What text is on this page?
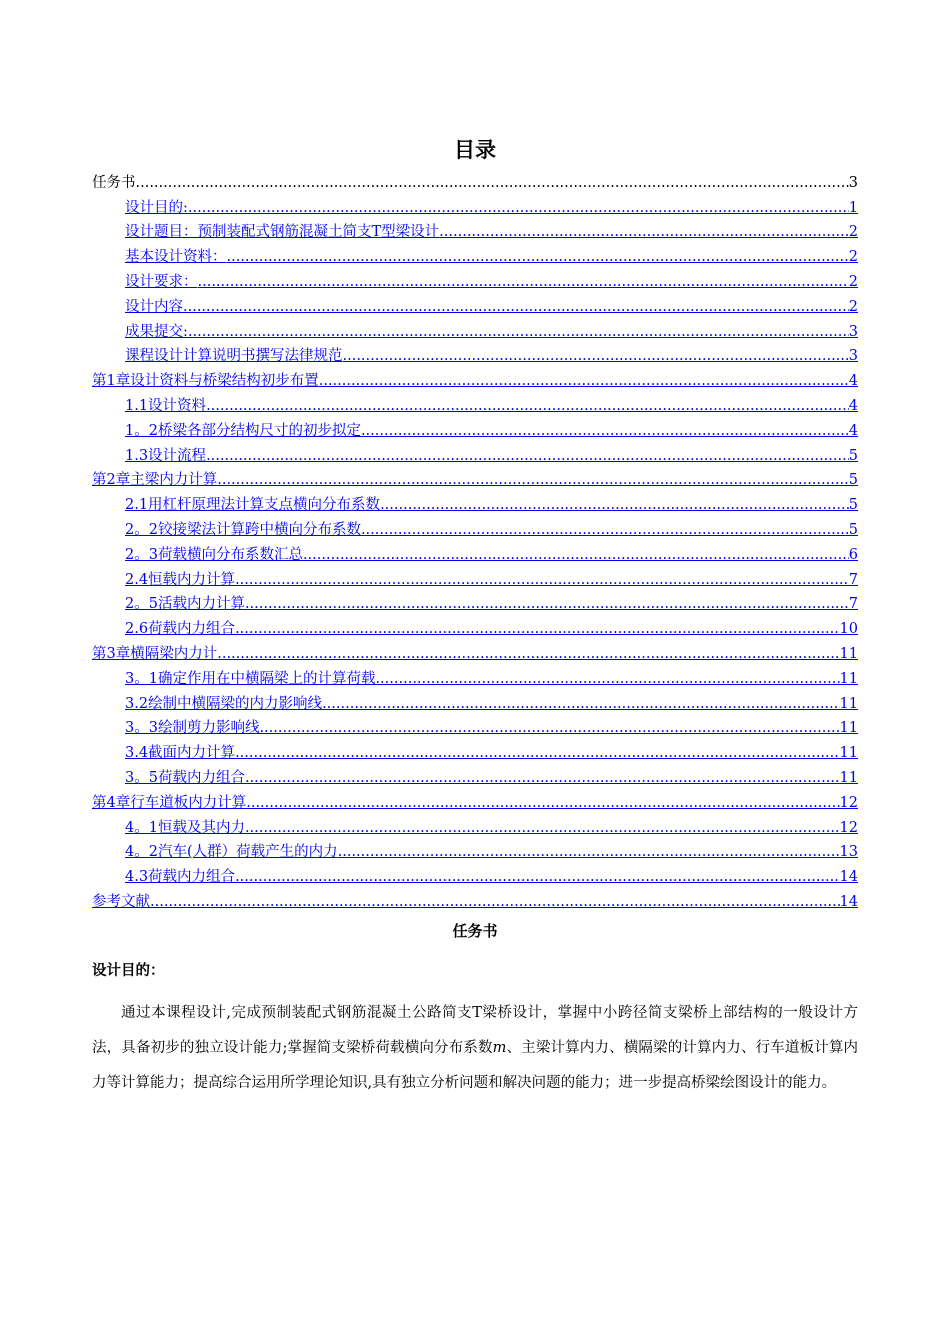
目录
任务书 .....	3
设计目的: .....	1
设计题目：预制装配式钢筋混凝土简支T型梁设计 .....	2
基本设计资料： .....	2
设计要求： .....	2
设计内容 .....	2
成果提交: .....	3
课程设计计算说明书撰写法律规范 .....	3
第1章设计资料与桥梁结构初步布置 .....	4
1.1设计资料 .....	4
1。2桥梁各部分结构尺寸的初步拟定 .....	4
1.3设计流程 .....	5
第2章主梁内力计算 .....	5
2.1用杠杆原理法计算支点横向分布系数 .....	5
2。2铰接梁法计算跨中横向分布系数 .....	5
2。3荷载横向分布系数汇总 .....	6
2.4恒载内力计算 .....	7
2。5活载内力计算 .....	7
2.6荷载内力组合 .....	10
第3章横隔梁内力计 .....	11
3。1确定作用在中横隔梁上的计算荷载 .....	11
3.2绘制中横隔梁的内力影响线 .....	11
3。3绘制剪力影响线 .....	11
3.4截面内力计算 .....	11
3。5荷载内力组合 .....	11
第4章行车道板内力计算 .....	12
4。1恒载及其内力 .....	12
4。2汽车(人群）荷载产生的内力 .....	13
4.3荷载内力组合 .....	14
参考文献 .....	14
任务书
设计目的：

通过本课程设计,完成预制装配式钢筋混凝土公路简支T梁桥设计，掌握中小跨径简支梁桥上部结构的一般设计方法，具备初步的独立设计能力;掌握简支梁桥荷载横向分布系数m、主梁计算内力、横隔梁的计算内力、行车道板计算内力等计算能力；提高综合运用所学理论知识,具有独立分析问题和解决问题的能力；进一步提高桥梁绘图设计的能力。
